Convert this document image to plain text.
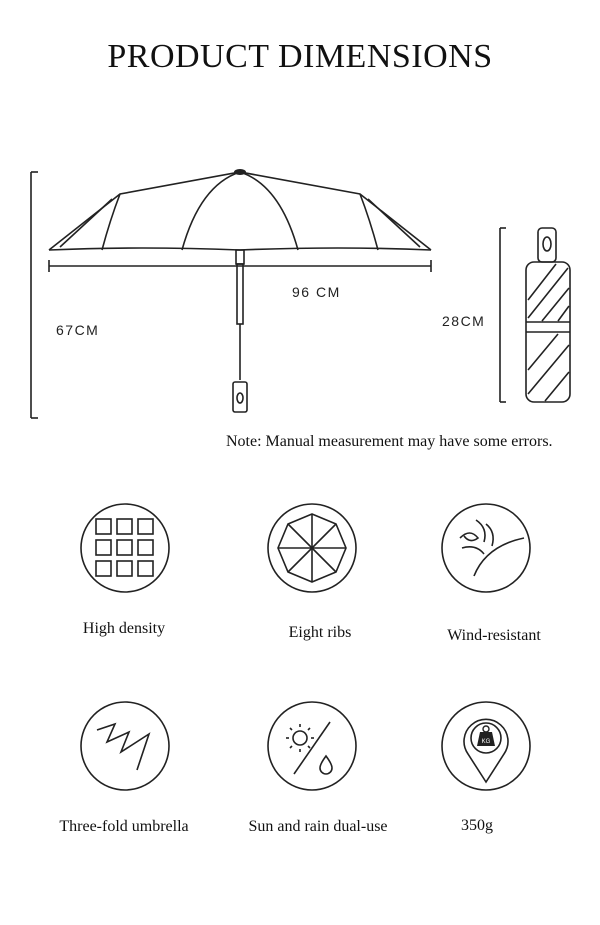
PRODUCT DIMENSIONS
96 CM
67CM
28CM
Note: Manual measurement may have some errors.
High density	Eight ribs	Wind-resistant
KG
Three-fold umbrella	Sun and rain dual-use	350g
